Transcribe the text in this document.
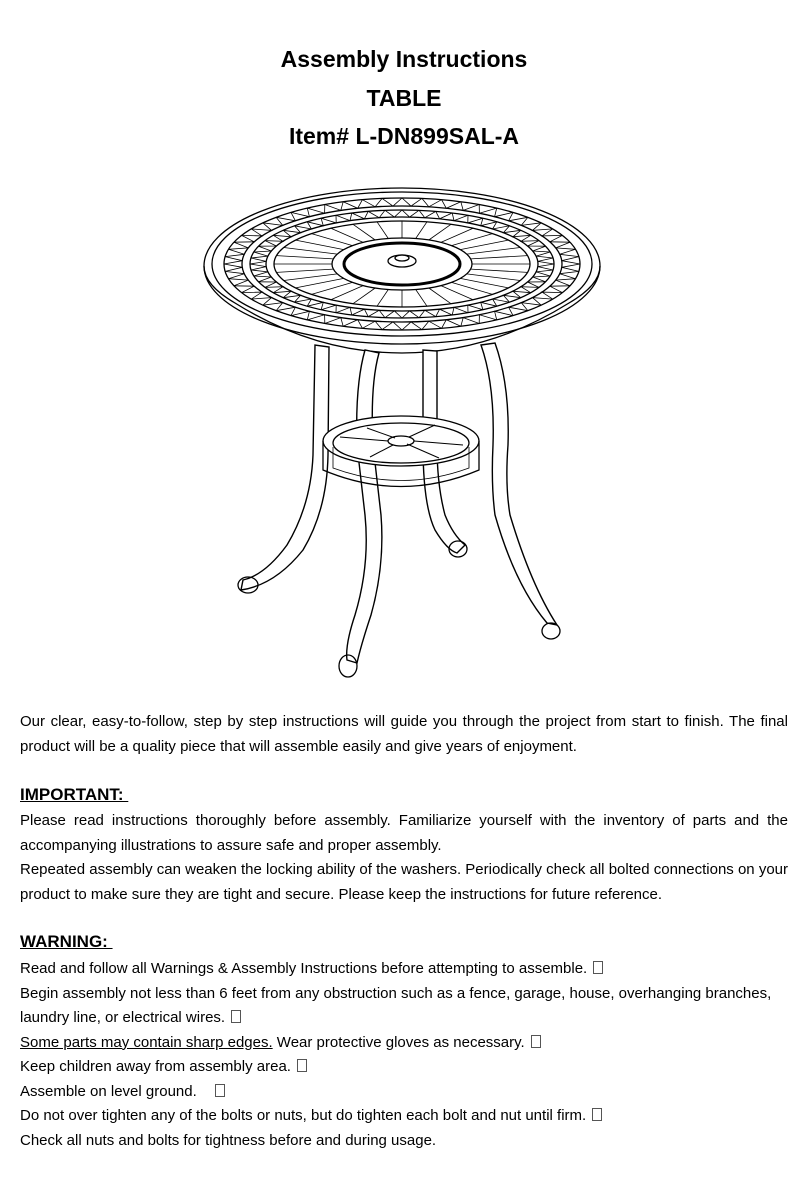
Assembly Instructions
TABLE
Item# L-DN899SAL-A

Our clear, easy-to-follow, step by step instructions will guide you through the project from start to finish. The final product will be a quality piece that will assemble easily and give years of enjoyment.

IMPORTANT:

Please read instructions thoroughly before assembly. Familiarize yourself with the inventory of parts and the accompanying illustrations to assure safe and proper assembly.

Repeated assembly can weaken the locking ability of the washers. Periodically check all bolted connections on your product to make sure they are tight and secure. Please keep the instructions for future reference.

WARNING:

Read and follow all Warnings & Assembly Instructions before attempting to assemble.

Begin assembly not less than 6 feet from any obstruction such as a fence, garage, house, overhanging branches, laundry line, or electrical wires.

Some parts may contain sharp edges. Wear protective gloves as necessary.

Keep children away from assembly area.

Assemble on level ground.

Do not over tighten any of the bolts or nuts, but do tighten each bolt and nut until firm.

Check all nuts and bolts for tightness before and during usage.
